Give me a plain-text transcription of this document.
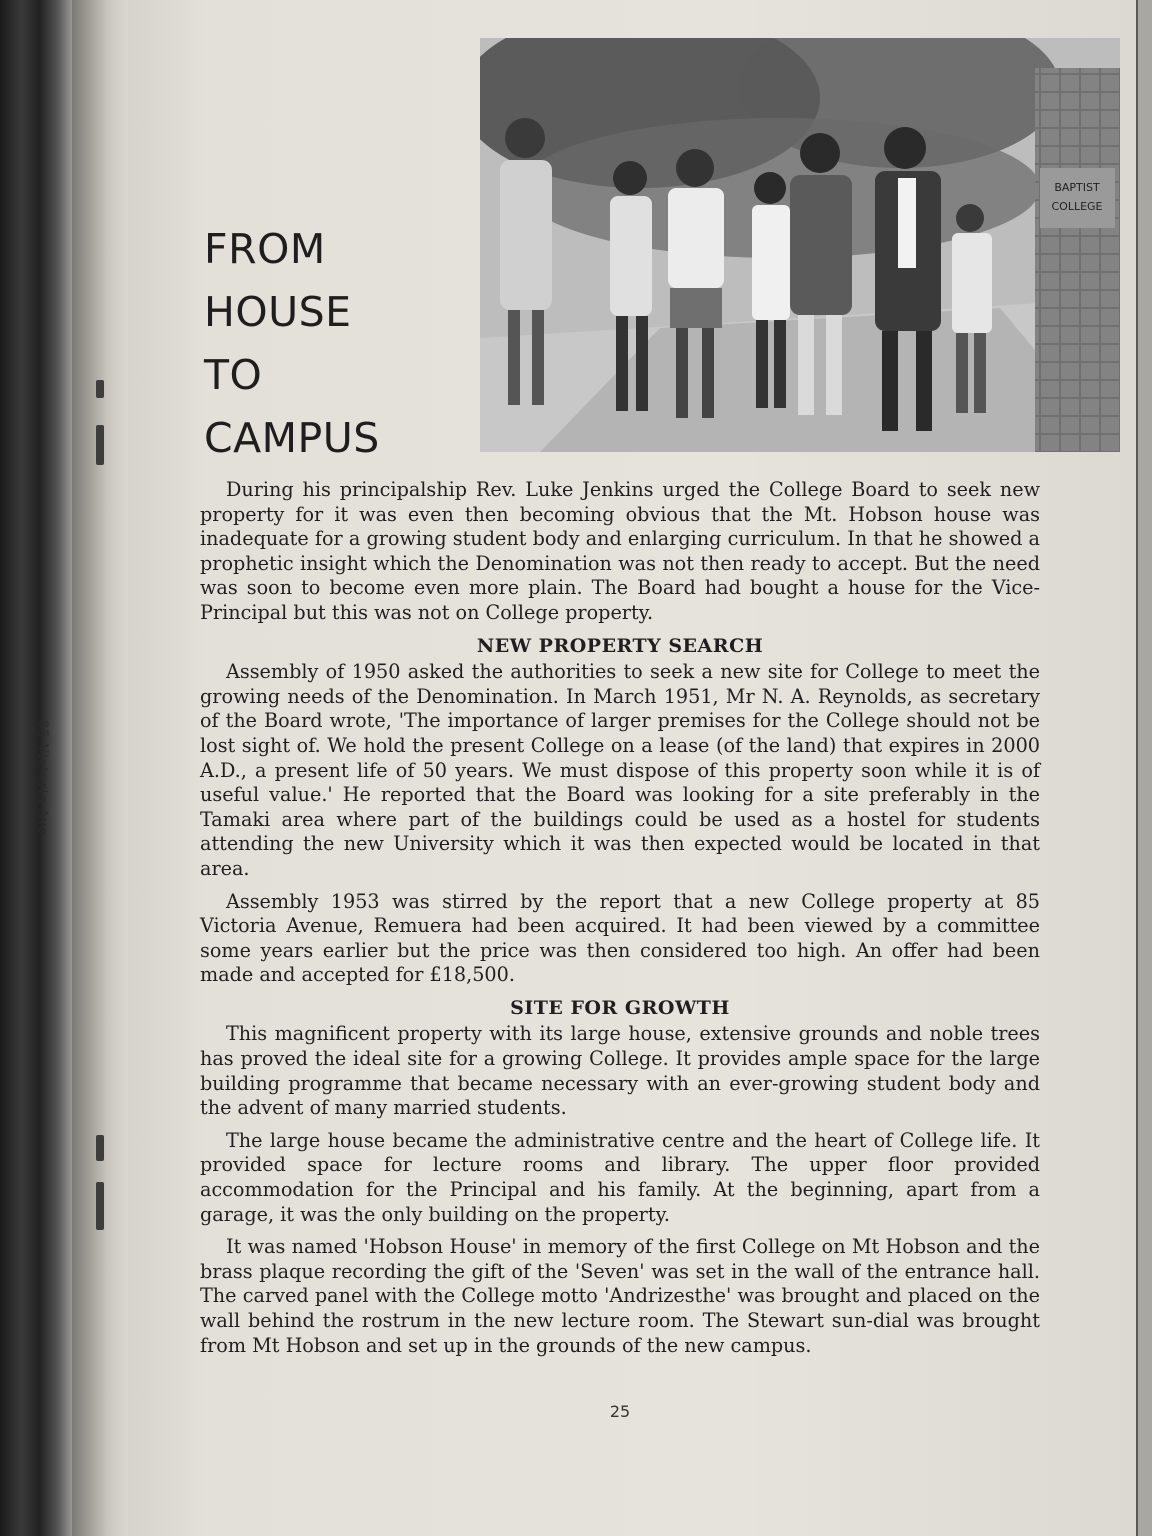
85 Victoria Ave.
FROM
HOUSE
TO
CAMPUS
BAPTIST
COLLEGE

During his principalship Rev. Luke Jenkins urged the College Board to seek new property for it was even then becoming obvious that the Mt. Hobson house was inadequate for a growing student body and enlarging curriculum. In that he showed a prophetic insight which the Denomination was not then ready to accept. But the need was soon to become even more plain. The Board had bought a house for the Vice-Principal but this was not on College property.

NEW PROPERTY SEARCH

Assembly of 1950 asked the authorities to seek a new site for College to meet the growing needs of the Denomination. In March 1951, Mr N. A. Reynolds, as secretary of the Board wrote, 'The importance of larger premises for the College should not be lost sight of. We hold the present College on a lease (of the land) that expires in 2000 A.D., a present life of 50 years. We must dispose of this property soon while it is of useful value.' He reported that the Board was looking for a site preferably in the Tamaki area where part of the buildings could be used as a hostel for students attending the new University which it was then expected would be located in that area.

Assembly 1953 was stirred by the report that a new College property at 85 Victoria Avenue, Remuera had been acquired. It had been viewed by a committee some years earlier but the price was then considered too high. An offer had been made and accepted for £18,500.

SITE FOR GROWTH

This magnificent property with its large house, extensive grounds and noble trees has proved the ideal site for a growing College. It provides ample space for the large building programme that became necessary with an ever-growing student body and the advent of many married students.

The large house became the administrative centre and the heart of College life. It provided space for lecture rooms and library. The upper floor provided accommodation for the Principal and his family. At the beginning, apart from a garage, it was the only building on the property.

It was named 'Hobson House' in memory of the first College on Mt Hobson and the brass plaque recording the gift of the 'Seven' was set in the wall of the entrance hall. The carved panel with the College motto 'Andrizesthe' was brought and placed on the wall behind the rostrum in the new lecture room. The Stewart sun-dial was brought from Mt Hobson and set up in the grounds of the new campus.

25
